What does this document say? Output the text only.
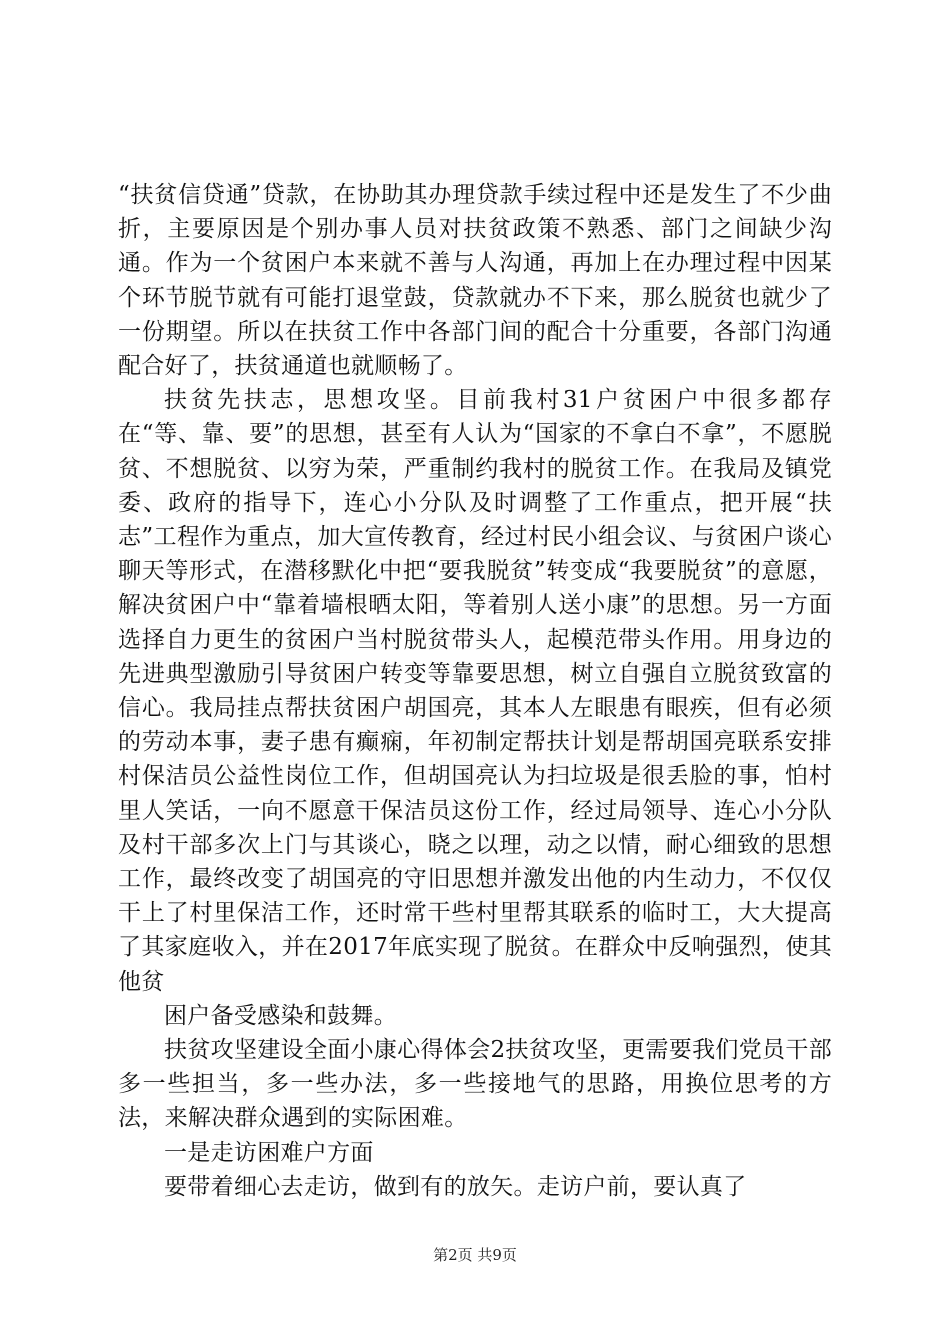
“扶贫信贷通”贷款，在协助其办理贷款手续过程中还是发生了不少曲折，主要原因是个别办事人员对扶贫政策不熟悉、部门之间缺少沟通。作为一个贫困户本来就不善与人沟通，再加上在办理过程中因某个环节脱节就有可能打退堂鼓，贷款就办不下来，那么脱贫也就少了一份期望。所以在扶贫工作中各部门间的配合十分重要，各部门沟通配合好了，扶贫通道也就顺畅了。

扶贫先扶志，思想攻坚。目前我村31户贫困户中很多都存在“等、靠、要”的思想，甚至有人认为“国家的不拿白不拿”，不愿脱贫、不想脱贫、以穷为荣，严重制约我村的脱贫工作。在我局及镇党委、政府的指导下，连心小分队及时调整了工作重点，把开展“扶志”工程作为重点，加大宣传教育，经过村民小组会议、与贫困户谈心聊天等形式，在潜移默化中把“要我脱贫”转变成“我要脱贫”的意愿，解决贫困户中“靠着墙根晒太阳，等着别人送小康”的思想。另一方面选择自力更生的贫困户当村脱贫带头人，起模范带头作用。用身边的先进典型激励引导贫困户转变等靠要思想，树立自强自立脱贫致富的信心。我局挂点帮扶贫困户胡国亮，其本人左眼患有眼疾，但有必须的劳动本事，妻子患有癫痫，年初制定帮扶计划是帮胡国亮联系安排村保洁员公益性岗位工作，但胡国亮认为扫垃圾是很丢脸的事，怕村里人笑话，一向不愿意干保洁员这份工作，经过局领导、连心小分队及村干部多次上门与其谈心，晓之以理，动之以情，耐心细致的思想工作，最终改变了胡国亮的守旧思想并激发出他的内生动力，不仅仅干上了村里保洁工作，还时常干些村里帮其联系的临时工，大大提高了其家庭收入，并在2017年底实现了脱贫。在群众中反响强烈，使其他贫

困户备受感染和鼓舞。

扶贫攻坚建设全面小康心得体会2扶贫攻坚，更需要我们党员干部多一些担当，多一些办法，多一些接地气的思路，用换位思考的方法，来解决群众遇到的实际困难。

一是走访困难户方面

要带着细心去走访，做到有的放矢。走访户前，要认真了

第2页 共9页
